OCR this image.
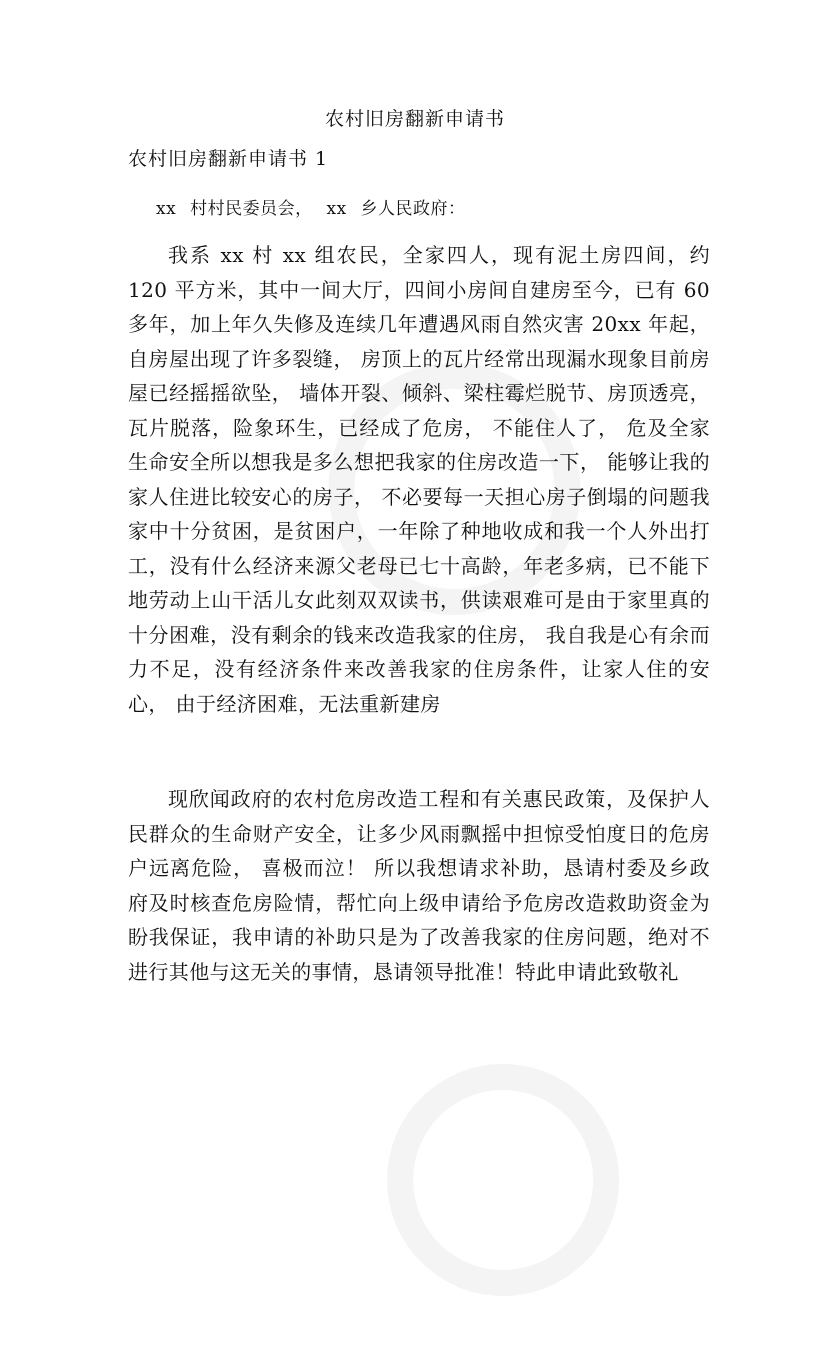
农村旧房翻新申请书
农村旧房翻新申请书 1
xx 村村民委员会， xx 乡人民政府：

我系 xx 村 xx 组农民，全家四人，现有泥土房四间，约 120 平方米，其中一间大厅，四间小房间自建房至今，已有 60 多年，加上年久失修及连续几年遭遇风雨自然灾害 20xx 年起，自房屋出现了许多裂缝， 房顶上的瓦片经常出现漏水现象目前房屋已经摇摇欲坠， 墙体开裂、倾斜、梁柱霉烂脱节、房顶透亮，瓦片脱落，险象环生，已经成了危房， 不能住人了， 危及全家生命安全所以想我是多么想把我家的住房改造一下， 能够让我的家人住进比较安心的房子， 不必要每一天担心房子倒塌的问题我家中十分贫困，是贫困户，一年除了种地收成和我一个人外出打工，没有什么经济来源父老母已七十高龄，年老多病，已不能下地劳动上山干活儿女此刻双双读书，供读艰难可是由于家里真的十分困难，没有剩余的钱来改造我家的住房， 我自我是心有余而力不足，没有经济条件来改善我家的住房条件，让家人住的安心， 由于经济困难，无法重新建房

现欣闻政府的农村危房改造工程和有关惠民政策，及保护人民群众的生命财产安全，让多少风雨飘摇中担惊受怕度日的危房户远离危险， 喜极而泣！ 所以我想请求补助，恳请村委及乡政府及时核查危房险情，帮忙向上级申请给予危房改造救助资金为盼我保证，我申请的补助只是为了改善我家的住房问题，绝对不进行其他与这无关的事情，恳请领导批准！特此申请此致敬礼
